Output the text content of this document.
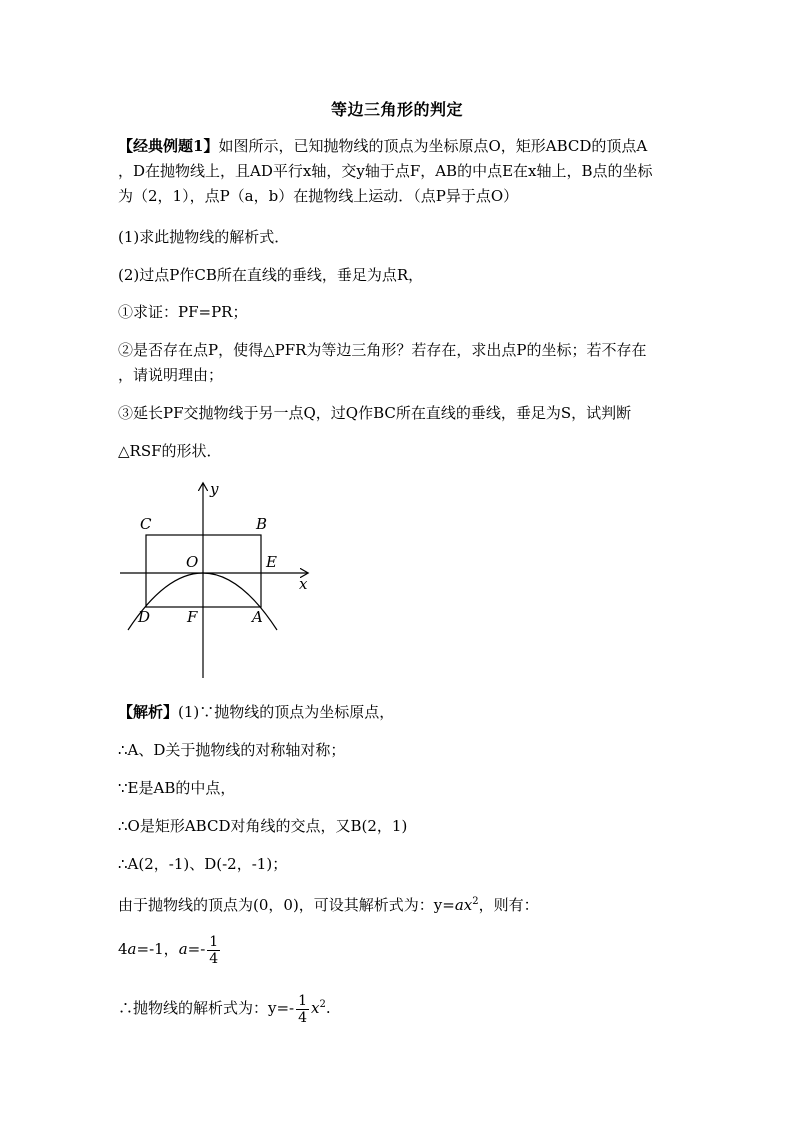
等边三角形的判定
【经典例题1】如图所示，已知抛物线的顶点为坐标原点O，矩形ABCD的顶点A
，D在抛物线上，且AD平行x轴，交y轴于点F，AB的中点E在x轴上，B点的坐标
为（2，1），点P（a，b）在抛物线上运动．（点P异于点O）
(1)求此抛物线的解析式．
(2)过点P作CB所在直线的垂线，垂足为点R，
①求证：PF=PR；
②是否存在点P，使得△PFR为等边三角形？若存在，求出点P的坐标；若不存在
，请说明理由；
③延长PF交抛物线于另一点Q，过Q作BC所在直线的垂线，垂足为S，试判断
△RSF的形状．
y
x
C	B
O	E
D F	A
【解析】(1)∵抛物线的顶点为坐标原点，
∴A、D关于抛物线的对称轴对称；
∵E是AB的中点，
∴O是矩形ABCD对角线的交点，又B(2，1)
∴A(2，-1)、D(-2，-1)；
由于抛物线的顶点为(0，0)，可设其解析式为：$y=ax^2$，则有：
4a=-1，$a=- \frac{1}{4}$
∴抛物线的解析式为：$y=- \frac{1}{4} x^2$.
